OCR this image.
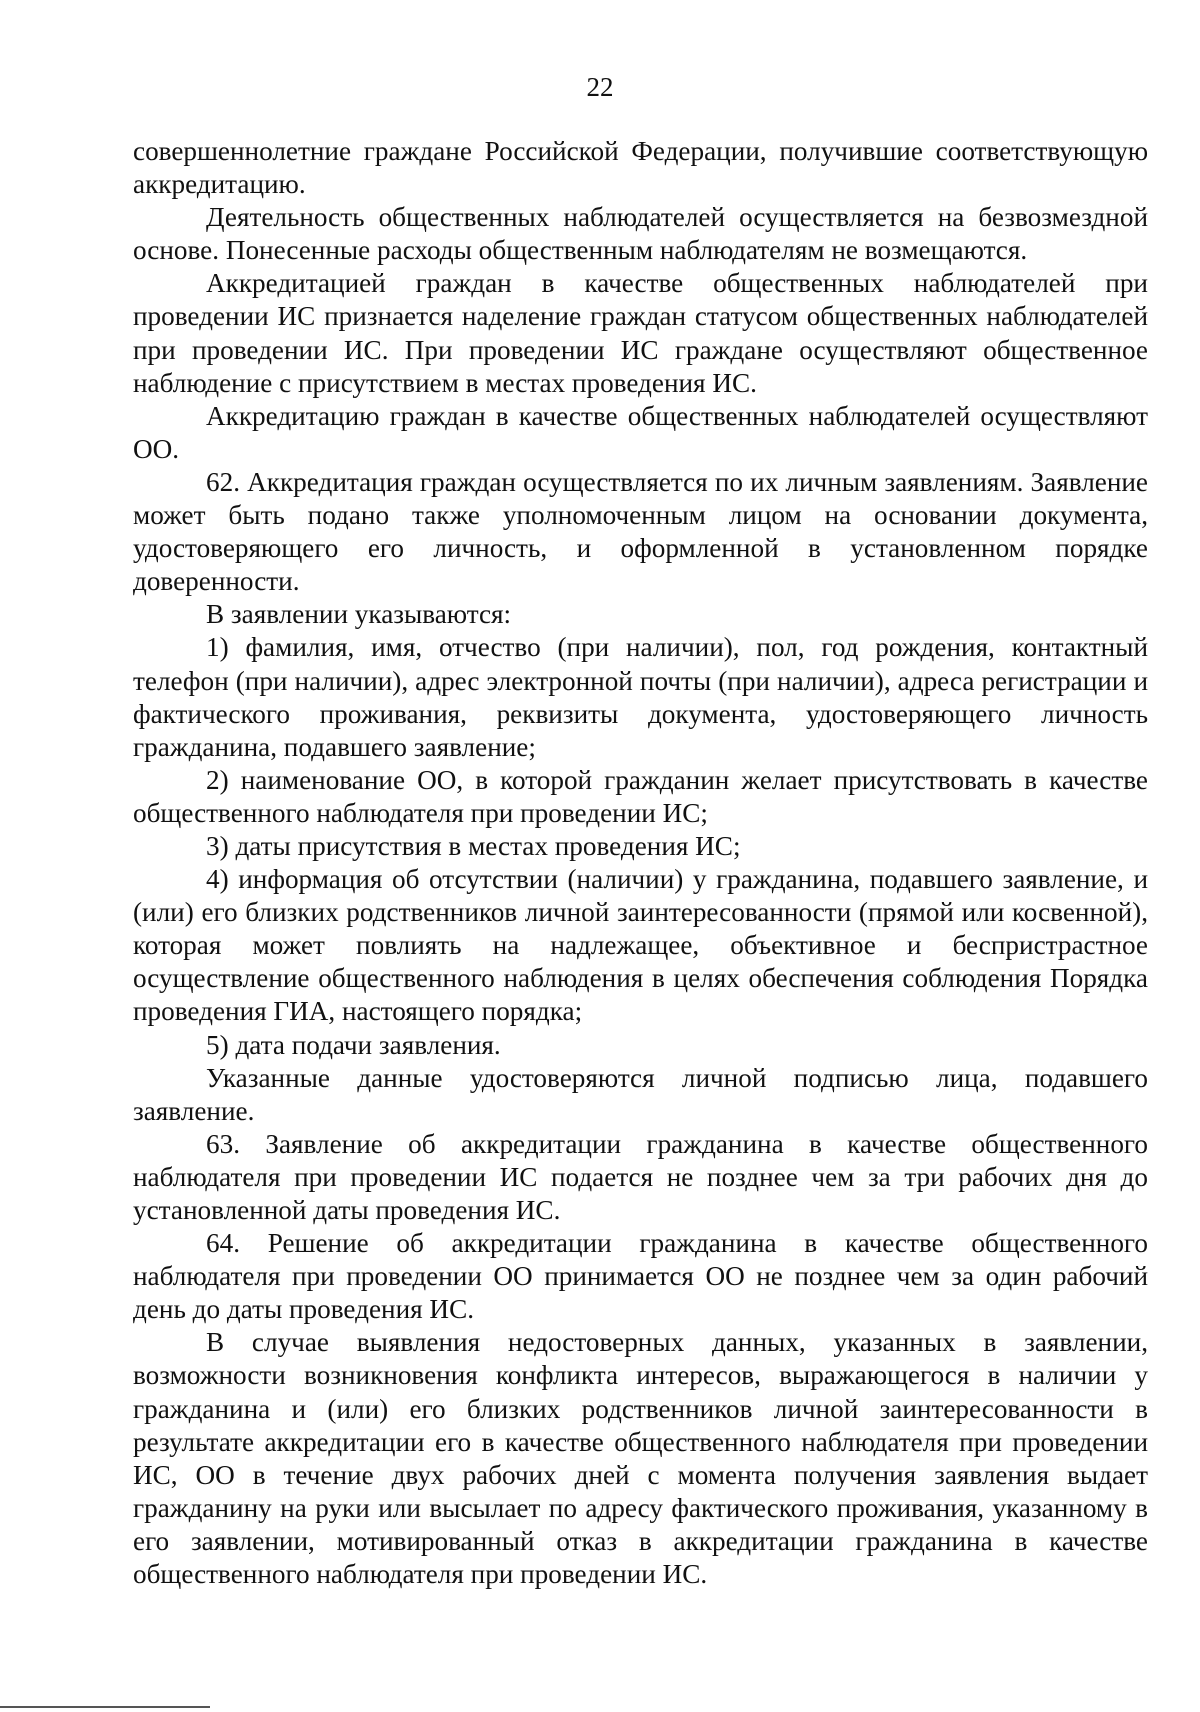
22

совершеннолетние граждане Российской Федерации, получившие соответствующую аккредитацию.

Деятельность общественных наблюдателей осуществляется на безвозмездной основе. Понесенные расходы общественным наблюдателям не возмещаются.

Аккредитацией граждан в качестве общественных наблюдателей при проведении ИС признается наделение граждан статусом общественных наблюдателей при проведении ИС. При проведении ИС граждане осуществляют общественное наблюдение с присутствием в местах проведения ИС.

Аккредитацию граждан в качестве общественных наблюдателей осуществляют ОО.

62. Аккредитация граждан осуществляется по их личным заявлениям. Заявление может быть подано также уполномоченным лицом на основании документа, удостоверяющего его личность, и оформленной в установленном порядке доверенности.

В заявлении указываются:

1) фамилия, имя, отчество (при наличии), пол, год рождения, контактный телефон (при наличии), адрес электронной почты (при наличии), адреса регистрации и фактического проживания, реквизиты документа, удостоверяющего личность гражданина, подавшего заявление;

2) наименование ОО, в которой гражданин желает присутствовать в качестве общественного наблюдателя при проведении ИС;

3) даты присутствия в местах проведения ИС;

4) информация об отсутствии (наличии) у гражданина, подавшего заявление, и (или) его близких родственников личной заинтересованности (прямой или косвенной), которая может повлиять на надлежащее, объективное и беспристрастное осуществление общественного наблюдения в целях обеспечения соблюдения Порядка проведения ГИА, настоящего порядка;

5) дата подачи заявления.

Указанные данные удостоверяются личной подписью лица, подавшего заявление.

63. Заявление об аккредитации гражданина в качестве общественного наблюдателя при проведении ИС подается не позднее чем за три рабочих дня до установленной даты проведения ИС.

64. Решение об аккредитации гражданина в качестве общественного наблюдателя при проведении ОО принимается ОО не позднее чем за один рабочий день до даты проведения ИС.

В случае выявления недостоверных данных, указанных в заявлении, возможности возникновения конфликта интересов, выражающегося в наличии у гражданина и (или) его близких родственников личной заинтересованности в результате аккредитации его в качестве общественного наблюдателя при проведении ИС, ОО в течение двух рабочих дней с момента получения заявления выдает гражданину на руки или высылает по адресу фактического проживания, указанному в его заявлении, мотивированный отказ в аккредитации гражданина в качестве общественного наблюдателя при проведении ИС.
